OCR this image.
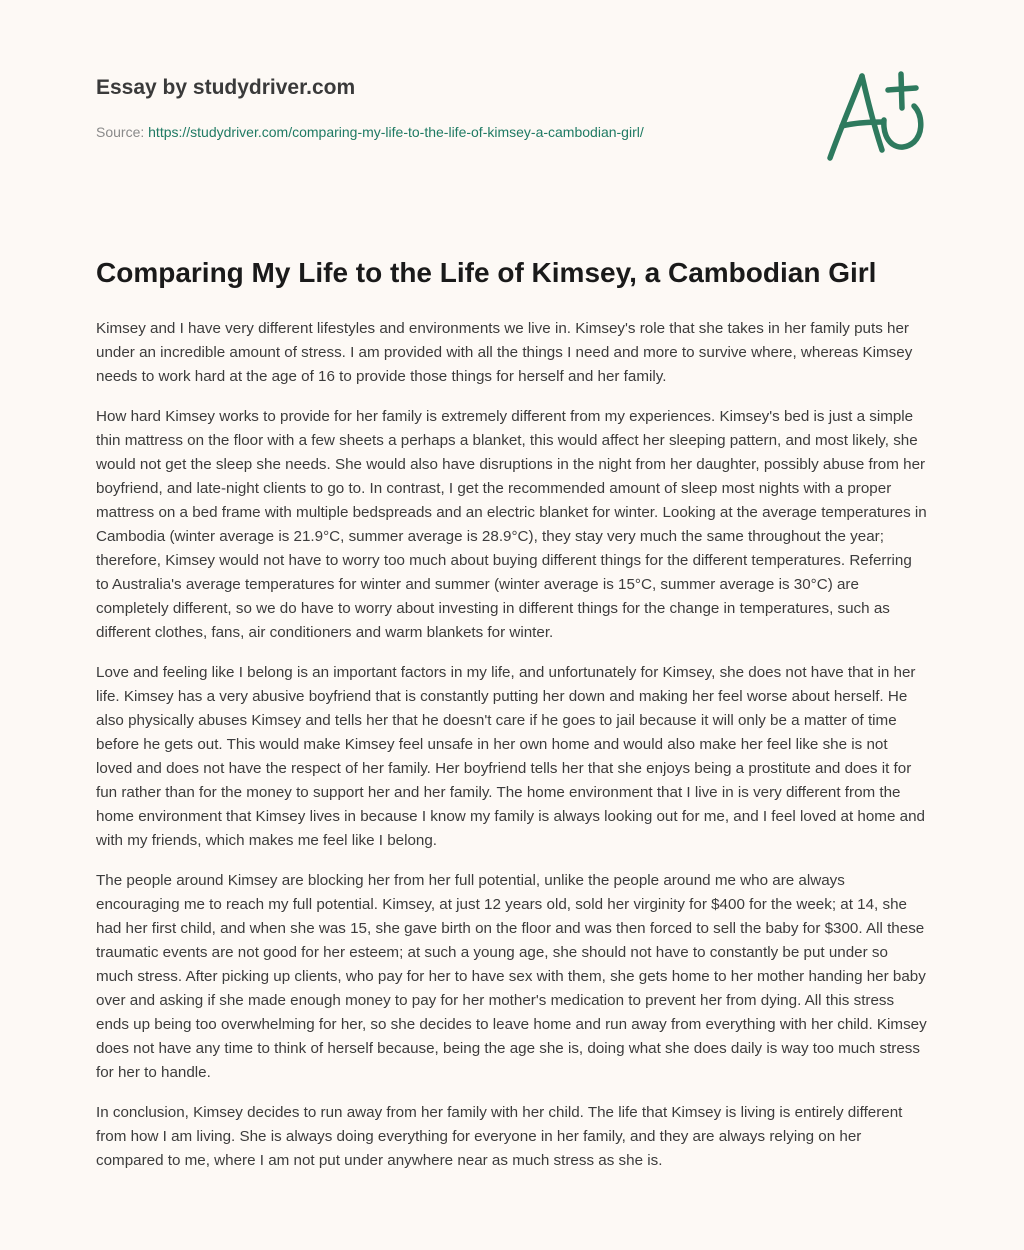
Essay by studydriver.com
Source: https://studydriver.com/comparing-my-life-to-the-life-of-kimsey-a-cambodian-girl/
Comparing My Life to the Life of Kimsey, a Cambodian Girl

Kimsey and I have very different lifestyles and environments we live in. Kimsey's role that she takes in her family puts her under an incredible amount of stress. I am provided with all the things I need and more to survive where, whereas Kimsey needs to work hard at the age of 16 to provide those things for herself and her family.

How hard Kimsey works to provide for her family is extremely different from my experiences. Kimsey's bed is just a simple thin mattress on the floor with a few sheets a perhaps a blanket, this would affect her sleeping pattern, and most likely, she would not get the sleep she needs. She would also have disruptions in the night from her daughter, possibly abuse from her boyfriend, and late-night clients to go to. In contrast, I get the recommended amount of sleep most nights with a proper mattress on a bed frame with multiple bedspreads and an electric blanket for winter. Looking at the average temperatures in Cambodia (winter average is 21.9°C, summer average is 28.9°C), they stay very much the same throughout the year; therefore, Kimsey would not have to worry too much about buying different things for the different temperatures. Referring to Australia's average temperatures for winter and summer (winter average is 15°C, summer average is 30°C) are completely different, so we do have to worry about investing in different things for the change in temperatures, such as different clothes, fans, air conditioners and warm blankets for winter.

Love and feeling like I belong is an important factors in my life, and unfortunately for Kimsey, she does not have that in her life. Kimsey has a very abusive boyfriend that is constantly putting her down and making her feel worse about herself. He also physically abuses Kimsey and tells her that he doesn't care if he goes to jail because it will only be a matter of time before he gets out. This would make Kimsey feel unsafe in her own home and would also make her feel like she is not loved and does not have the respect of her family. Her boyfriend tells her that she enjoys being a prostitute and does it for fun rather than for the money to support her and her family. The home environment that I live in is very different from the home environment that Kimsey lives in because I know my family is always looking out for me, and I feel loved at home and with my friends, which makes me feel like I belong.

The people around Kimsey are blocking her from her full potential, unlike the people around me who are always encouraging me to reach my full potential. Kimsey, at just 12 years old, sold her virginity for $400 for the week; at 14, she had her first child, and when she was 15, she gave birth on the floor and was then forced to sell the baby for $300. All these traumatic events are not good for her esteem; at such a young age, she should not have to constantly be put under so much stress. After picking up clients, who pay for her to have sex with them, she gets home to her mother handing her baby over and asking if she made enough money to pay for her mother's medication to prevent her from dying. All this stress ends up being too overwhelming for her, so she decides to leave home and run away from everything with her child. Kimsey does not have any time to think of herself because, being the age she is, doing what she does daily is way too much stress for her to handle.

In conclusion, Kimsey decides to run away from her family with her child. The life that Kimsey is living is entirely different from how I am living. She is always doing everything for everyone in her family, and they are always relying on her compared to me, where I am not put under anywhere near as much stress as she is.
